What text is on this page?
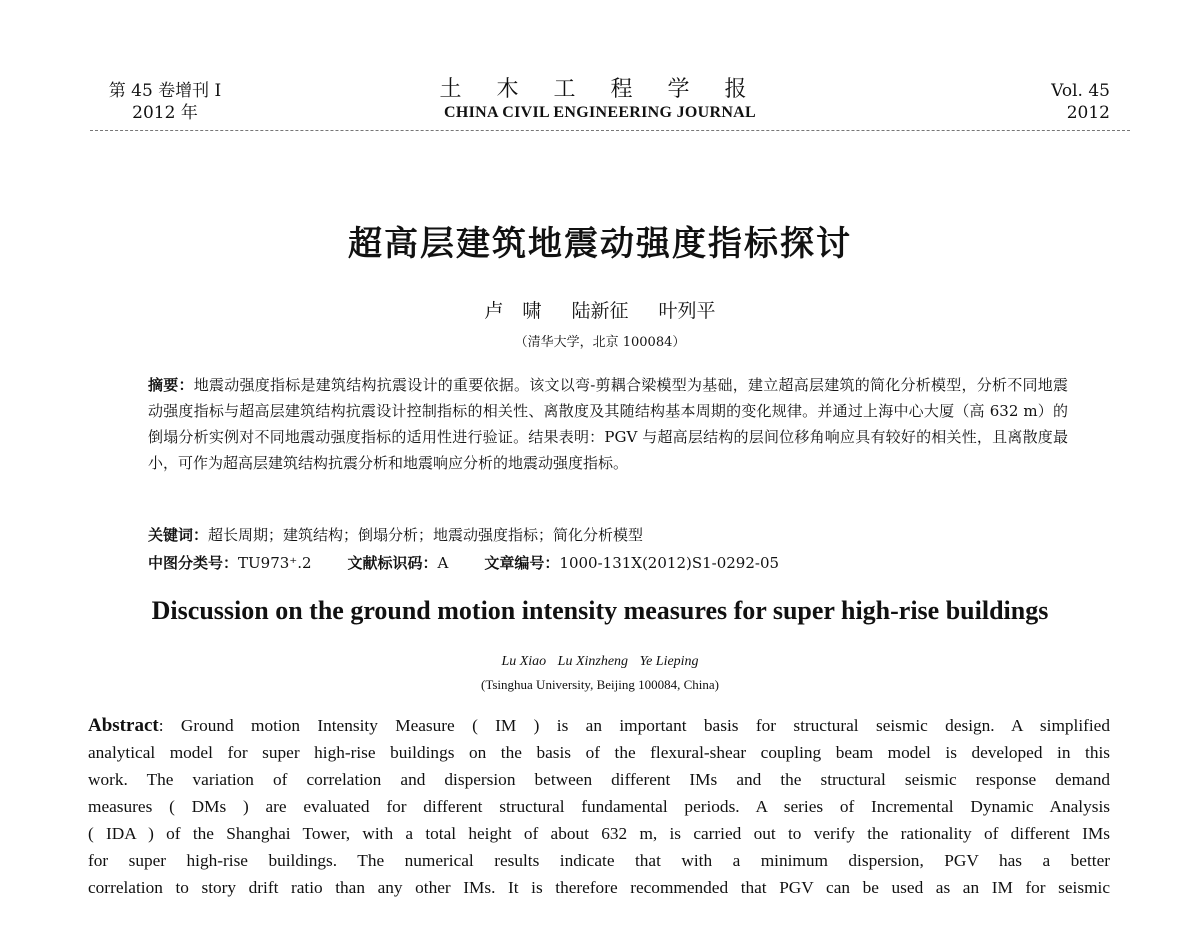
第 45 卷增刊 I
2012 年
土 木 工 程 学 报
CHINA CIVIL ENGINEERING JOURNAL
Vol. 45
2012
超高层建筑地震动强度指标探讨
卢　啸 陆新征 叶列平
（清华大学，北京 100084）
摘要：地震动强度指标是建筑结构抗震设计的重要依据。该文以弯-剪耦合梁模型为基础，建立超高层建筑的简化分析模型，分析不同地震动强度指标与超高层建筑结构抗震设计控制指标的相关性、离散度及其随结构基本周期的变化规律。并通过上海中心大厦（高 632 m）的倒塌分析实例对不同地震动强度指标的适用性进行验证。结果表明：PGV 与超高层结构的层间位移角响应具有较好的相关性，且离散度最小，可作为超高层建筑结构抗震分析和地震响应分析的地震动强度指标。
关键词：超长周期；建筑结构；倒塌分析；地震动强度指标；简化分析模型
中图分类号：TU973⁺.2 文献标识码：A 文章编号：1000-131X(2012)S1-0292-05
Discussion on the ground motion intensity measures for super high-rise buildings
Lu Xiao Lu Xinzheng Ye Lieping
(Tsinghua University, Beijing 100084, China)
Abstract: Ground motion Intensity Measure ( IM ) is an important basis for structural seismic design. A simplified
analytical model for super high-rise buildings on the basis of the flexural-shear coupling beam model is developed in this
work. The variation of correlation and dispersion between different IMs and the structural seismic response demand
measures ( DMs ) are evaluated for different structural fundamental periods. A series of Incremental Dynamic Analysis
( IDA ) of the Shanghai Tower, with a total height of about 632 m, is carried out to verify the rationality of different IMs
for super high-rise buildings. The numerical results indicate that with a minimum dispersion, PGV has a better
correlation to story drift ratio than any other IMs. It is therefore recommended that PGV can be used as an IM for seismic
